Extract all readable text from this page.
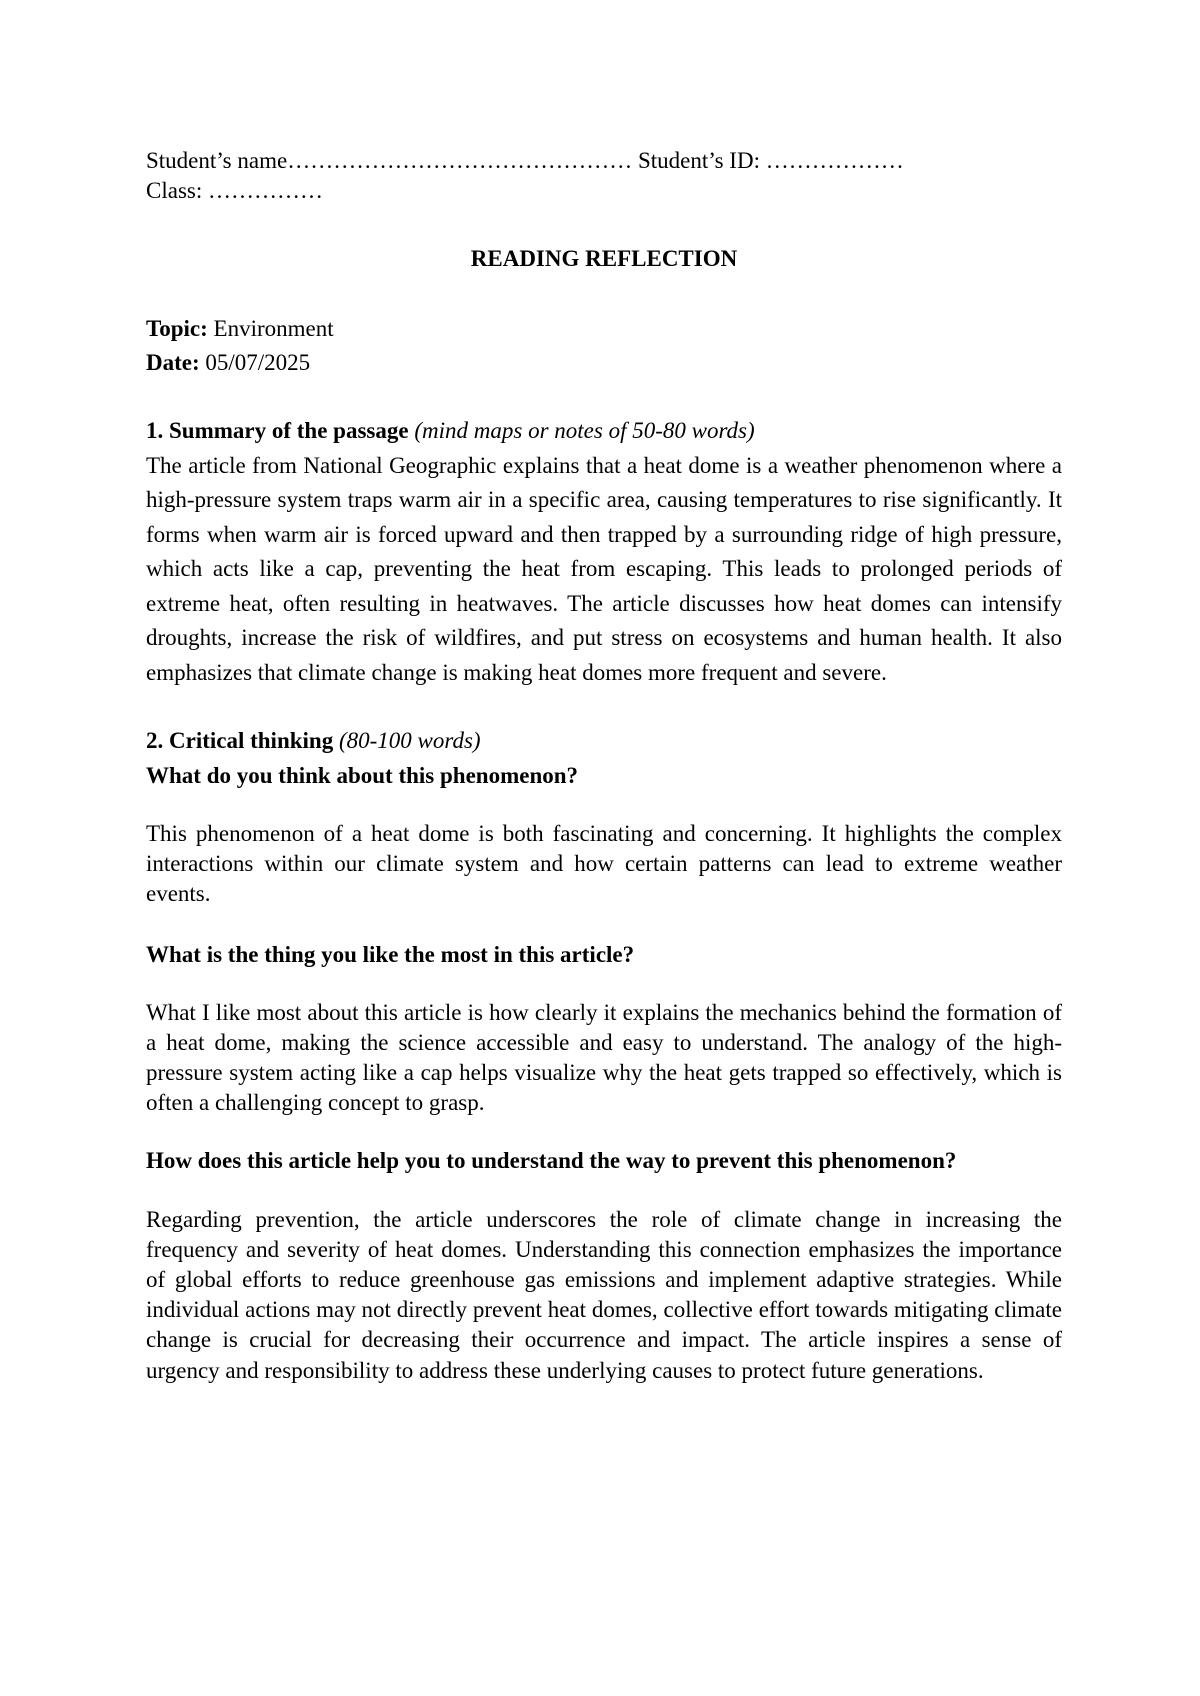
Student’s name……………………………………… Student’s ID: ………………
Class: ……………
READING REFLECTION
Topic: Environment
Date: 05/07/2025
1. Summary of the passage (mind maps or notes of 50-80 words)

The article from National Geographic explains that a heat dome is a weather phenomenon where a high-pressure system traps warm air in a specific area, causing temperatures to rise significantly. It forms when warm air is forced upward and then trapped by a surrounding ridge of high pressure, which acts like a cap, preventing the heat from escaping. This leads to prolonged periods of extreme heat, often resulting in heatwaves. The article discusses how heat domes can intensify droughts, increase the risk of wildfires, and put stress on ecosystems and human health. It also emphasizes that climate change is making heat domes more frequent and severe.

2. Critical thinking (80-100 words)
What do you think about this phenomenon?

This phenomenon of a heat dome is both fascinating and concerning. It highlights the complex interactions within our climate system and how certain patterns can lead to extreme weather events.

What is the thing you like the most in this article?

What I like most about this article is how clearly it explains the mechanics behind the formation of a heat dome, making the science accessible and easy to understand. The analogy of the high-pressure system acting like a cap helps visualize why the heat gets trapped so effectively, which is often a challenging concept to grasp.

How does this article help you to understand the way to prevent this phenomenon?

Regarding prevention, the article underscores the role of climate change in increasing the frequency and severity of heat domes. Understanding this connection emphasizes the importance of global efforts to reduce greenhouse gas emissions and implement adaptive strategies. While individual actions may not directly prevent heat domes, collective effort towards mitigating climate change is crucial for decreasing their occurrence and impact. The article inspires a sense of urgency and responsibility to address these underlying causes to protect future generations.
